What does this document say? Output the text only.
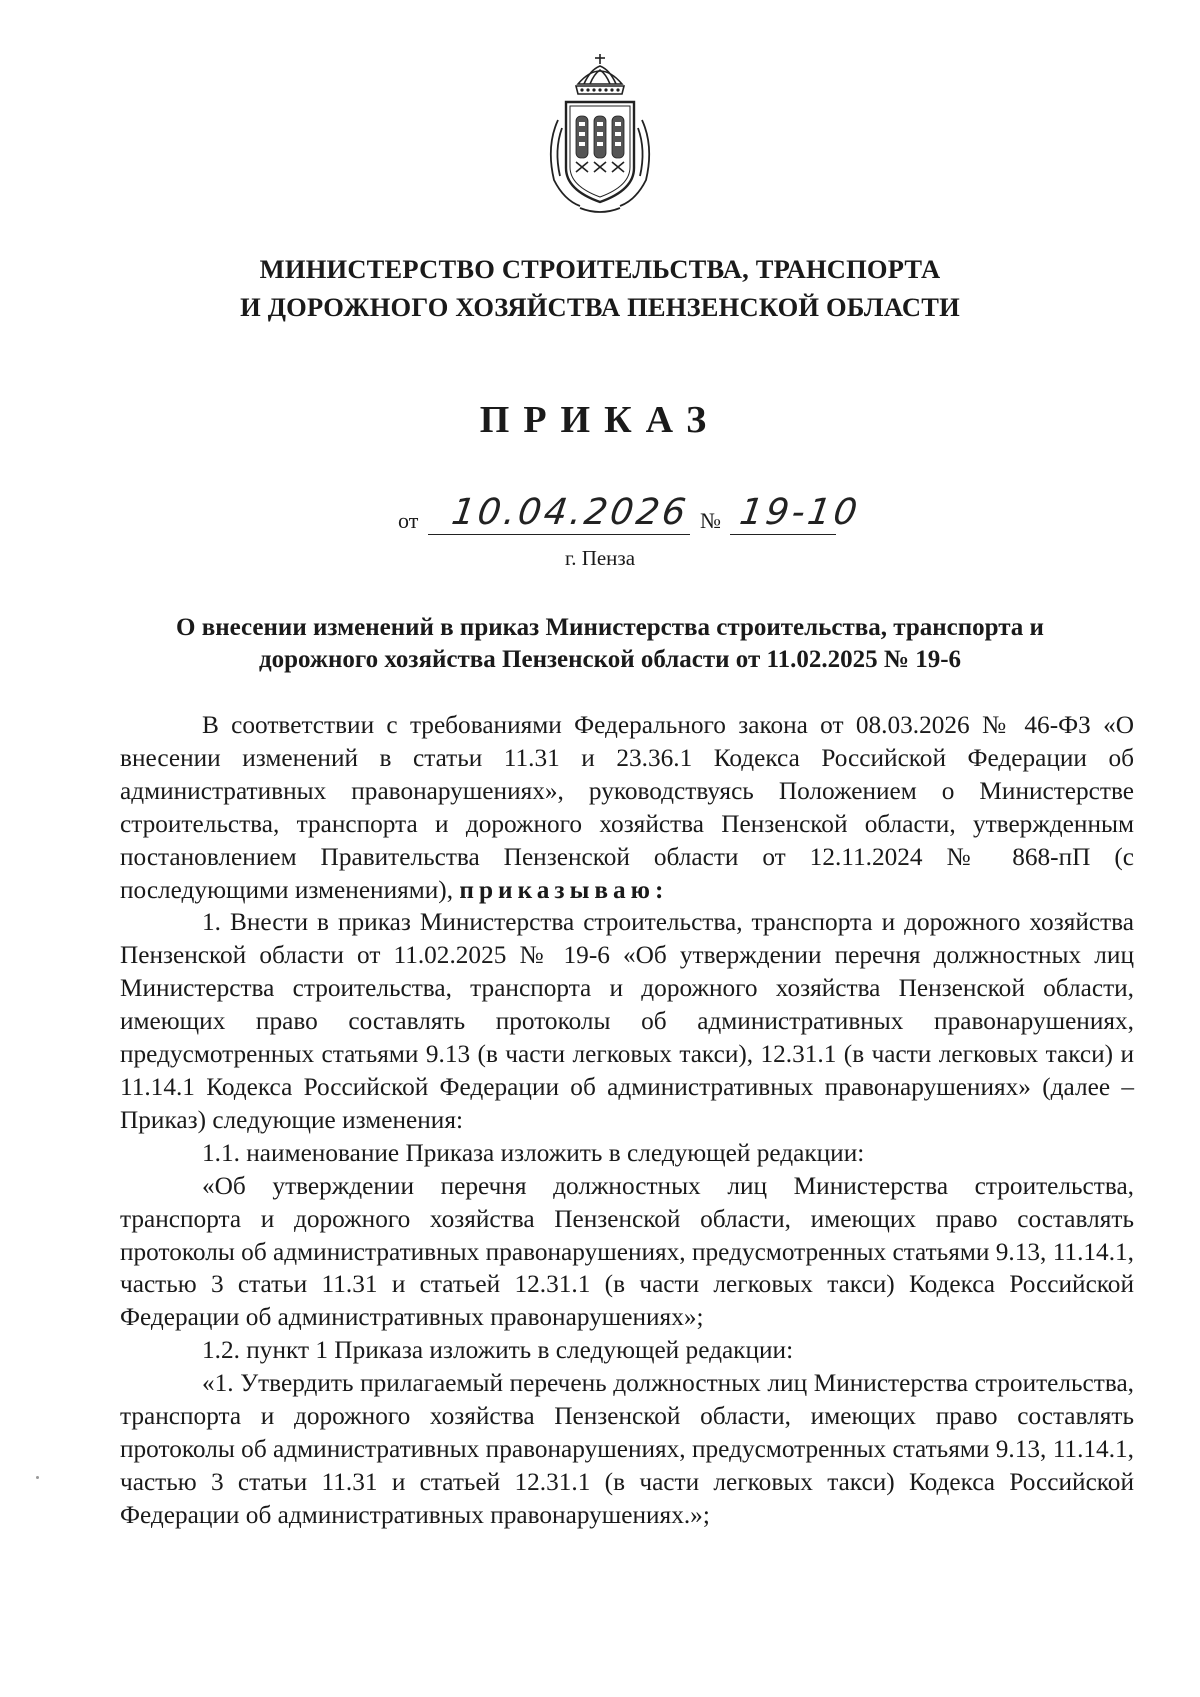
МИНИСТЕРСТВО СТРОИТЕЛЬСТВА, ТРАНСПОРТА
И ДОРОЖНОГО ХОЗЯЙСТВА ПЕНЗЕНСКОЙ ОБЛАСТИ
ПРИКАЗ
от 10.04.2026 № 19-10
г. Пенза
О внесении изменений в приказ Министерства строительства, транспорта и
дорожного хозяйства Пензенской области от 11.02.2025 № 19-6

В соответствии с требованиями Федерального закона от 08.03.2026 № 46-ФЗ «О внесении изменений в статьи 11.31 и 23.36.1 Кодекса Российской Федерации об административных правонарушениях», руководствуясь Положением о Министерстве строительства, транспорта и дорожного хозяйства Пензенской области, утвержденным постановлением Правительства Пензенской области от 12.11.2024 № 868-пП (с последующими изменениями), приказываю:

1. Внести в приказ Министерства строительства, транспорта и дорожного хозяйства Пензенской области от 11.02.2025 № 19-6 «Об утверждении перечня должностных лиц Министерства строительства, транспорта и дорожного хозяйства Пензенской области, имеющих право составлять протоколы об административных правонарушениях, предусмотренных статьями 9.13 (в части легковых такси), 12.31.1 (в части легковых такси) и 11.14.1 Кодекса Российской Федерации об административных правонарушениях» (далее – Приказ) следующие изменения:

1.1. наименование Приказа изложить в следующей редакции:

«Об утверждении перечня должностных лиц Министерства строительства, транспорта и дорожного хозяйства Пензенской области, имеющих право составлять протоколы об административных правонарушениях, предусмотренных статьями 9.13, 11.14.1, частью 3 статьи 11.31 и статьей 12.31.1 (в части легковых такси) Кодекса Российской Федерации об административных правонарушениях»;

1.2. пункт 1 Приказа изложить в следующей редакции:

«1. Утвердить прилагаемый перечень должностных лиц Министерства строительства, транспорта и дорожного хозяйства Пензенской области, имеющих право составлять протоколы об административных правонарушениях, предусмотренных статьями 9.13, 11.14.1, частью 3 статьи 11.31 и статьей 12.31.1 (в части легковых такси) Кодекса Российской Федерации об административных правонарушениях.»;
